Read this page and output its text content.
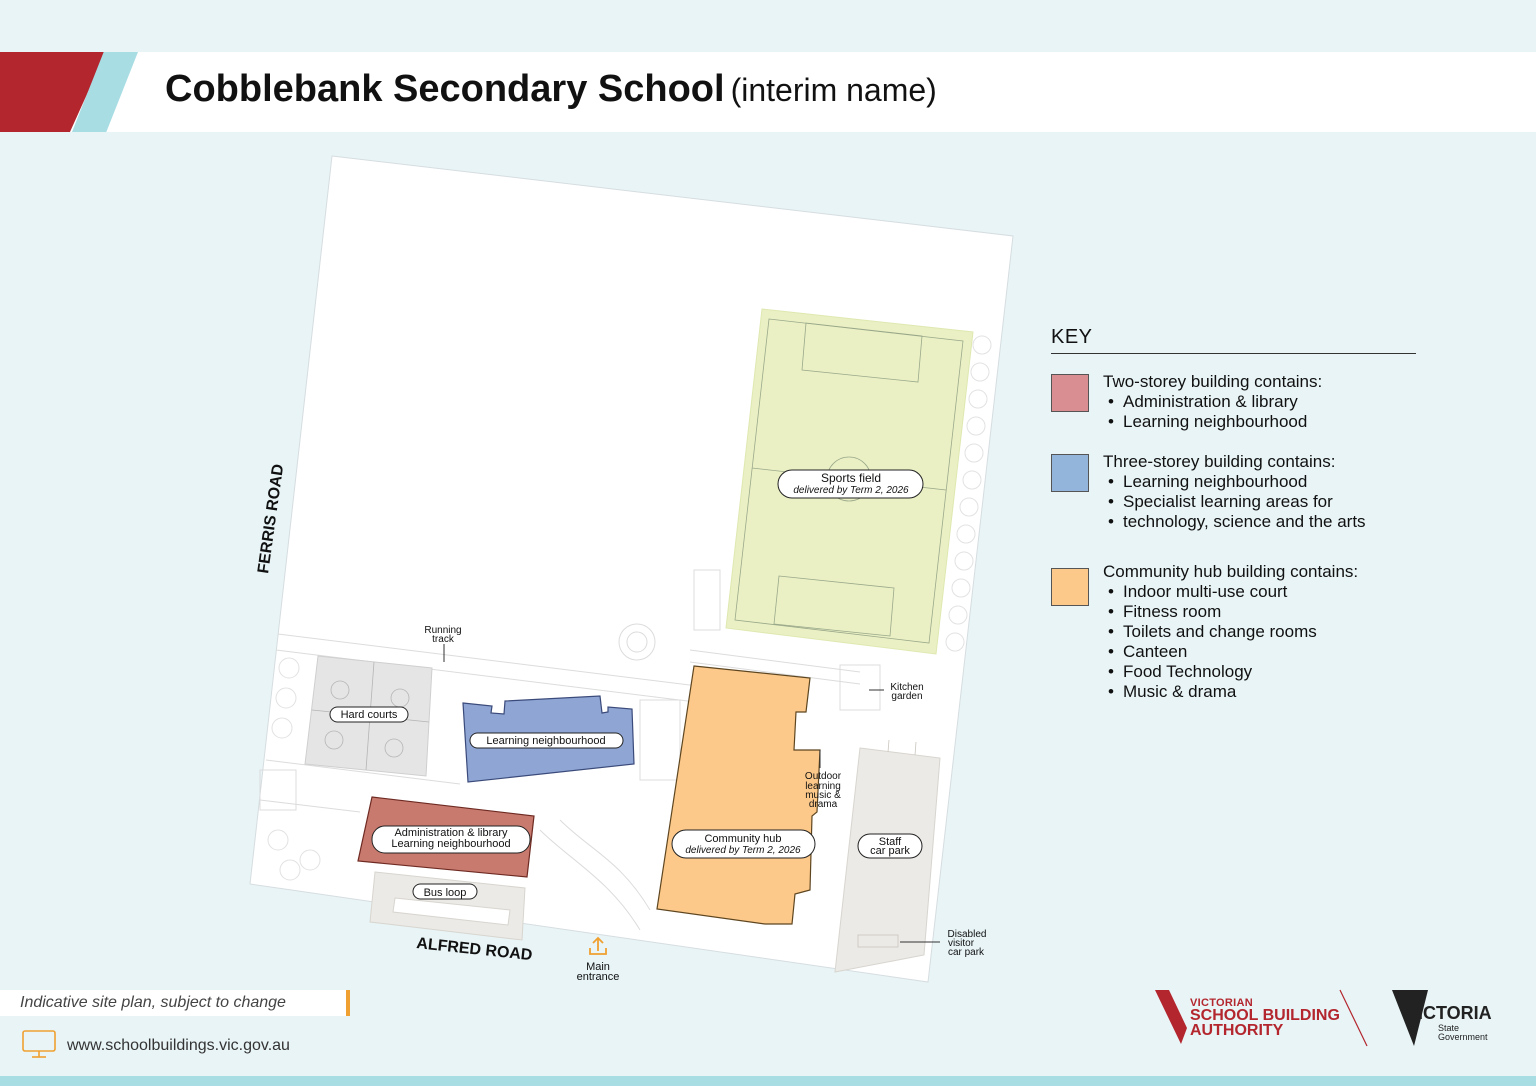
Cobblebank Secondary School (interim name)
Sports field
delivered by Term 2, 2026
Running
track
Kitchen
garden
Hard courts
Learning neighbourhood
Outdoor
learning
music &
drama
Administration & library
Learning neighbourhood	Community hub
delivered by Term 2, 2026
Staff
car park
Bus loop
Main
entrance
Disabled
visitor
car park
FERRIS ROAD
ALFRED ROAD
KEY
Two-storey building contains:
• Administration & library
• Learning neighbourhood
Three-storey building contains:
• Learning neighbourhood
• Specialist learning areas for
• technology, science and the arts
Community hub building contains:
• Indoor multi-use court
• Fitness room
• Toilets and change rooms
• Canteen
• Food Technology
• Music & drama
Indicative site plan, subject to change
www.schoolbuildings.vic.gov.au
VICTORIAN
SCHOOL BUILDING
AUTHORITY
VICTORIA
State
Government
